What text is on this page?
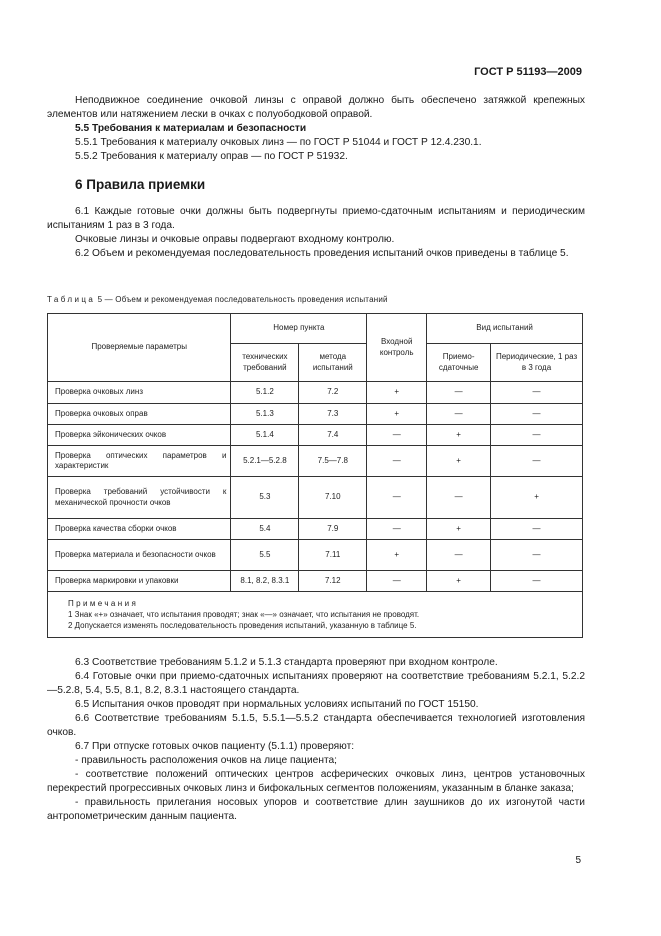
ГОСТ Р 51193—2009

Неподвижное соединение очковой линзы с оправой должно быть обеспечено затяжкой крепежных элементов или натяжением лески в очках с полуободковой оправой.

5.5 Требования к материалам и безопасности

5.5.1 Требования к материалу очковых линз — по ГОСТ Р 51044 и ГОСТ Р 12.4.230.1.

5.5.2 Требования к материалу оправ — по ГОСТ Р 51932.

6 Правила приемки

6.1 Каждые готовые очки должны быть подвергнуты приемо-сдаточным испытаниям и периодическим испытаниям 1 раз в 3 года.

Очковые линзы и очковые оправы подвергают входному контролю.

6.2 Объем и рекомендуемая последовательность проведения испытаний очков приведены в таблице 5.

Таблица 5 — Объем и рекомендуемая последовательность проведения испытаний
Проверяемые параметры	Номер пункта		Входной контроль	Вид испытаний	
	технических требований	метода испытаний		Приемо-сдаточные	Периодические, 1 раз в 3 года
Проверка очковых линз	5.1.2	7.2	+	—	—
Проверка очковых оправ	5.1.3	7.3	+	—	—
Проверка эйконических очков	5.1.4	7.4	—	+	—
Проверка оптических параметров и характеристик	5.2.1—5.2.8	7.5—7.8	—	+	—
Проверка требований устойчивости к механической прочности очков	5.3	7.10	—	—	+
Проверка качества сборки очков	5.4	7.9	—	+	—
Проверка материала и безопасности очков	5.5	7.11	+	—	—
Проверка маркировки и упаковки	8.1, 8.2, 8.3.1	7.12	—	+	—

Примечания
1 Знак «+» означает, что испытания проводят; знак «—» означает, что испытания не проводят.
2 Допускается изменять последовательность проведения испытаний, указанную в таблице 5.					

6.3 Соответствие требованиям 5.1.2 и 5.1.3 стандарта проверяют при входном контроле.

6.4 Готовые очки при приемо-сдаточных испытаниях проверяют на соответствие требованиям 5.2.1, 5.2.2—5.2.8, 5.4, 5.5, 8.1, 8.2, 8.3.1 настоящего стандарта.

6.5 Испытания очков проводят при нормальных условиях испытаний по ГОСТ 15150.

6.6 Соответствие требованиям 5.1.5, 5.5.1—5.5.2 стандарта обеспечивается технологией изготовления очков.

6.7 При отпуске готовых очков пациенту (5.1.1) проверяют:

- правильность расположения очков на лице пациента;

- соответствие положений оптических центров асферических очковых линз, центров установочных перекрестий прогрессивных очковых линз и бифокальных сегментов положениям, указанным в бланке заказа;

- правильность прилегания носовых упоров и соответствие длин заушников до их изгонутой части антропометрическим данным пациента.

5
